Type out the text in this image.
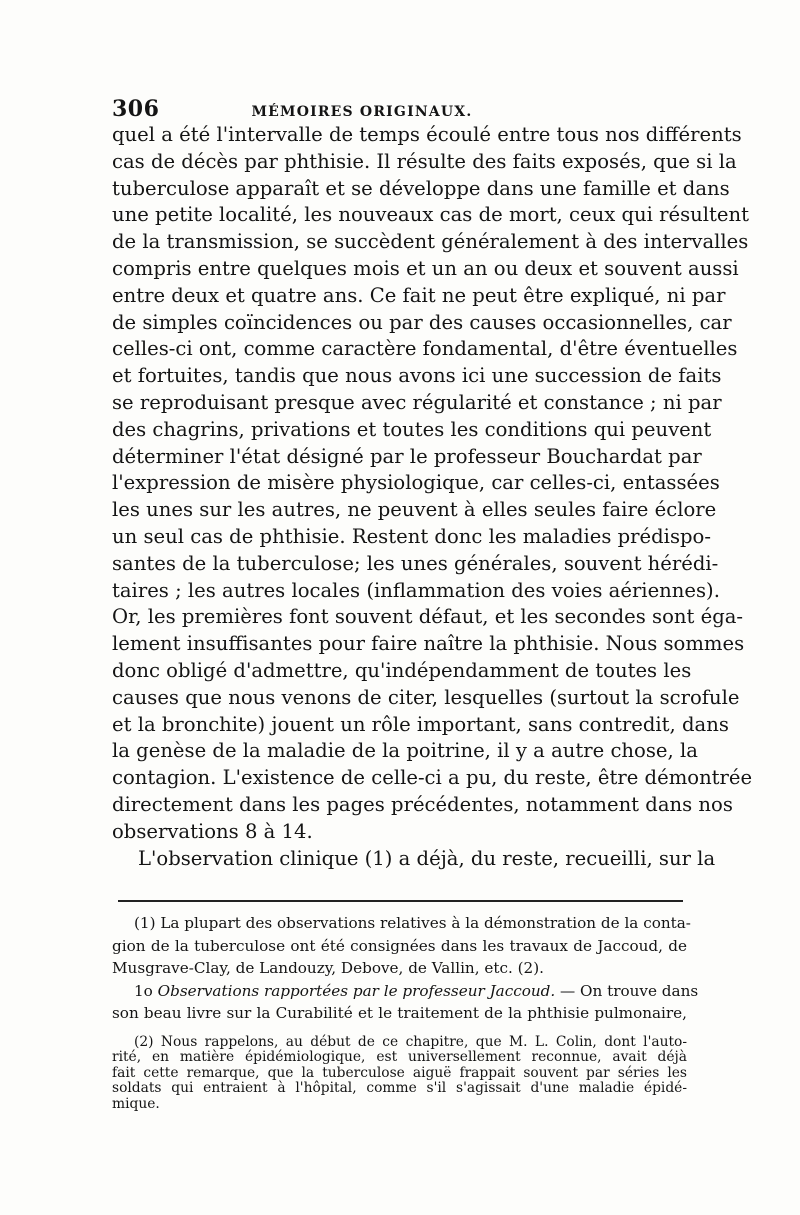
306	MÉMOIRES ORIGINAUX.
quel a été l'intervalle de temps écoulé entre tous nos différents
cas de décès par phthisie. Il résulte des faits exposés, que si la
tuberculose apparaît et se développe dans une famille et dans
une petite localité, les nouveaux cas de mort, ceux qui résultent
de la transmission, se succèdent généralement à des intervalles
compris entre quelques mois et un an ou deux et souvent aussi
entre deux et quatre ans. Ce fait ne peut être expliqué, ni par
de simples coïncidences ou par des causes occasionnelles, car
celles-ci ont, comme caractère fondamental, d'être éventuelles
et fortuites, tandis que nous avons ici une succession de faits
se reproduisant presque avec régularité et constance ; ni par
des chagrins, privations et toutes les conditions qui peuvent
déterminer l'état désigné par le professeur Bouchardat par
l'expression de misère physiologique, car celles-ci, entassées
les unes sur les autres, ne peuvent à elles seules faire éclore
un seul cas de phthisie. Restent donc les maladies prédispo-
santes de la tuberculose; les unes générales, souvent hérédi-
taires ; les autres locales (inflammation des voies aériennes).
Or, les premières font souvent défaut, et les secondes sont éga-
lement insuffisantes pour faire naître la phthisie. Nous sommes
donc obligé d'admettre, qu'indépendamment de toutes les
causes que nous venons de citer, lesquelles (surtout la scrofule
et la bronchite) jouent un rôle important, sans contredit, dans
la genèse de la maladie de la poitrine, il y a autre chose, la
contagion. L'existence de celle-ci a pu, du reste, être démontrée
directement dans les pages précédentes, notamment dans nos
observations 8 à 14.
L'observation clinique (1) a déjà, du reste, recueilli, sur la
(1) La plupart des observations relatives à la démonstration de la conta-
gion de la tuberculose ont été consignées dans les travaux de Jaccoud, de
Musgrave-Clay, de Landouzy, Debove, de Vallin, etc. (2).
1o Observations rapportées par le professeur Jaccoud. — On trouve dans
son beau livre sur la Curabilité et le traitement de la phthisie pulmonaire,
(2) Nous rappelons, au début de ce chapitre, que M. L. Colin, dont l'auto-
rité, en matière épidémiologique, est universellement reconnue, avait déjà
fait cette remarque, que la tuberculose aiguë frappait souvent par séries les
soldats qui entraient à l'hôpital, comme s'il s'agissait d'une maladie épidé-
mique.
